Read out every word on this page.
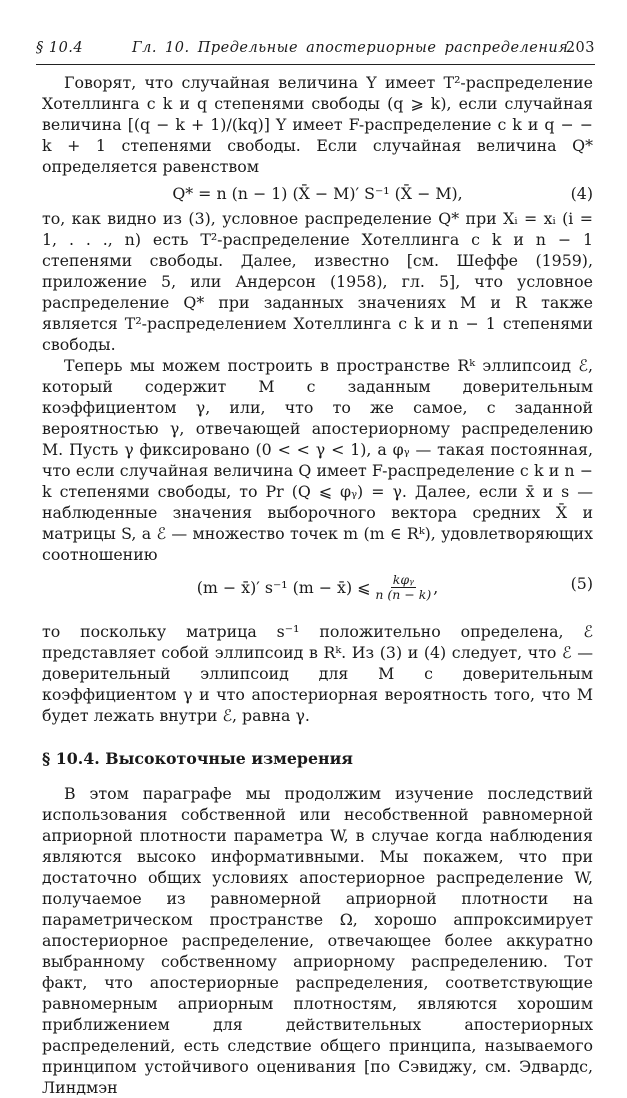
§ 10.4	Гл. 10. Предельные апостериорные распределения
203

Говорят, что случайная величина Y имеет T²-распределение Хотеллинга с k и q степенями свободы (q ⩾ k), если случайная величина [(q − k + 1)/(kq)] Y имеет F-распределение с k и q − − k + 1 степенями свободы. Если случайная величина Q* определяется равенством

Q* = n (n − 1) (X̄ − M)′ S⁻¹ (X̄ − M),	(4)

то, как видно из (3), условное распределение Q* при Xᵢ = xᵢ (i = 1, . . ., n) есть T²-распределение Хотеллинга с k и n − 1 степенями свободы. Далее, известно [см. Шеффе (1959), приложение 5, или Андерсон (1958), гл. 5], что условное распределение Q* при заданных значениях M и R также является T²-распределением Хотеллинга с k и n − 1 степенями свободы.

Теперь мы можем построить в пространстве Rᵏ эллипсоид ℰ, который содержит M с заданным доверительным коэффициентом γ, или, что то же самое, с заданной вероятностью γ, отвечающей апостериорному распределению M. Пусть γ фиксировано (0 < < γ < 1), а φᵧ — такая постоянная, что если случайная величина Q имеет F-распределение с k и n − k степенями свободы, то Pr (Q ⩽ φᵧ) = γ. Далее, если x̄ и s — наблюденные значения выборочного вектора средних X̄ и матрицы S, а ℰ — множество точек m (m ∈ Rᵏ), удовлетворяющих соотношению

(m − x̄)′ s⁻¹ (m − x̄) ⩽ $\frac{\text{kφᵧ}}{n (n - k)}$ ,	(5)

то поскольку матрица s⁻¹ положительно определена, ℰ представляет собой эллипсоид в Rᵏ. Из (3) и (4) следует, что ℰ — доверительный эллипсоид для M с доверительным коэффициентом γ и что апостериорная вероятность того, что M будет лежать внутри ℰ, равна γ.

§ 10.4. Высокоточные измерения

В этом параграфе мы продолжим изучение последствий использования собственной или несобственной равномерной априорной плотности параметра W, в случае когда наблюдения являются высоко информативными. Мы покажем, что при достаточно общих условиях апостериорное распределение W, получаемое из равномерной априорной плотности на параметрическом пространстве Ω, хорошо аппроксимирует апостериорное распределение, отвечающее более аккуратно выбранному собственному априорному распределению. Тот факт, что апостериорные распределения, соответствующие равномерным априорным плотностям, являются хорошим приближением для действительных апостериорных распределений, есть следствие общего принципа, называемого принципом устойчивого оценивания [по Сэвиджу, см. Эдвардс, Линдмэн
